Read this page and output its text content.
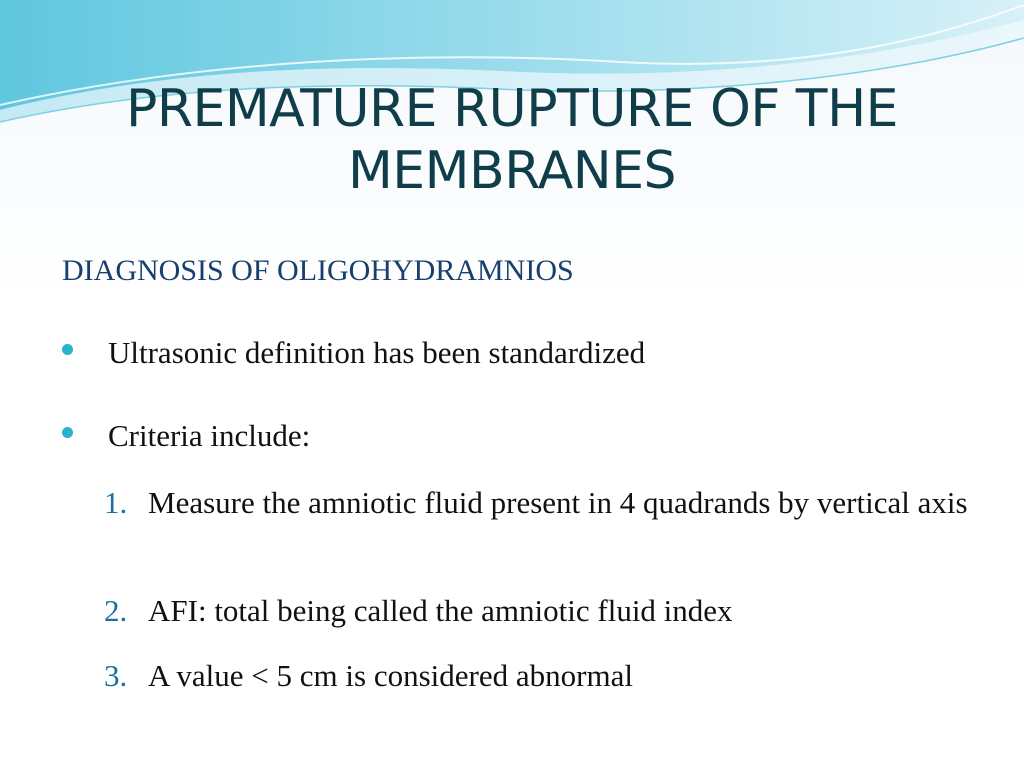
PREMATURE RUPTURE OF THE MEMBRANES
DIAGNOSIS OF OLIGOHYDRAMNIOS
Ultrasonic definition has been standardized
Criteria include:
1. Measure the amniotic fluid present in 4 quadrands by vertical axis
2. AFI: total being called the amniotic fluid index
3. A value < 5 cm is considered abnormal
